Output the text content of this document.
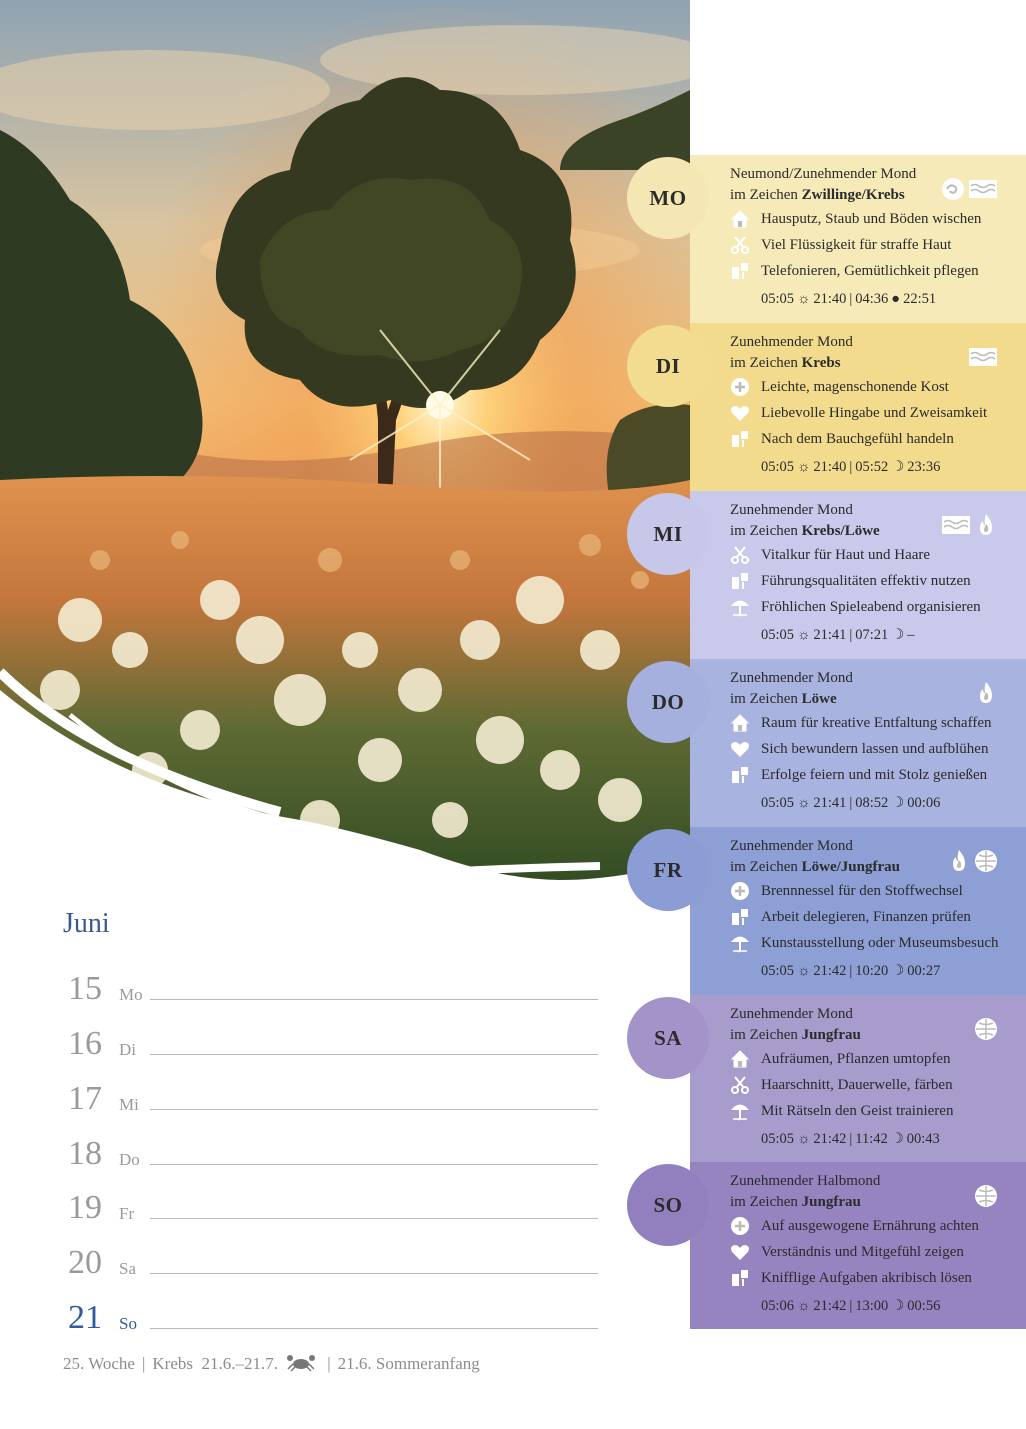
Juni
15 Mo
16 Di
17 Mi
18 Do
19 Fr
20 Sa
21 So
25. Woche | Krebs 21.6.–21.7.	| 21.6. Sommeranfang
Neumond/Zunehmender Mond
im Zeichen Zwillinge/Krebs
Hausputz, Staub und Böden wischen
Viel Flüssigkeit für straffe Haut
Telefonieren, Gemütlichkeit pflegen
05:05 ☼ 21:40 | 04:36 ● 22:51
MO
Zunehmender Mond
im Zeichen Krebs
Leichte, magenschonende Kost
Liebevolle Hingabe und Zweisamkeit
Nach dem Bauchgefühl handeln
05:05 ☼ 21:40 | 05:52 ☽ 23:36
DI
Zunehmender Mond
im Zeichen Krebs/Löwe
Vitalkur für Haut und Haare
Führungsqualitäten effektiv nutzen
Fröhlichen Spieleabend organisieren
05:05 ☼ 21:41 | 07:21 ☽ –
MI
Zunehmender Mond
im Zeichen Löwe
Raum für kreative Entfaltung schaffen
Sich bewundern lassen und aufblühen
Erfolge feiern und mit Stolz genießen
05:05 ☼ 21:41 | 08:52 ☽ 00:06
DO
Zunehmender Mond
im Zeichen Löwe/Jungfrau
Brennnessel für den Stoffwechsel
Arbeit delegieren, Finanzen prüfen
Kunstausstellung oder Museumsbesuch
05:05 ☼ 21:42 | 10:20 ☽ 00:27
FR
Zunehmender Mond
im Zeichen Jungfrau
Aufräumen, Pflanzen umtopfen
Haarschnitt, Dauerwelle, färben
Mit Rätseln den Geist trainieren
05:05 ☼ 21:42 | 11:42 ☽ 00:43
SA
Zunehmender Halbmond
im Zeichen Jungfrau
Auf ausgewogene Ernährung achten
Verständnis und Mitgefühl zeigen
Knifflige Aufgaben akribisch lösen
05:06 ☼ 21:42 | 13:00 ☽ 00:56
SO
